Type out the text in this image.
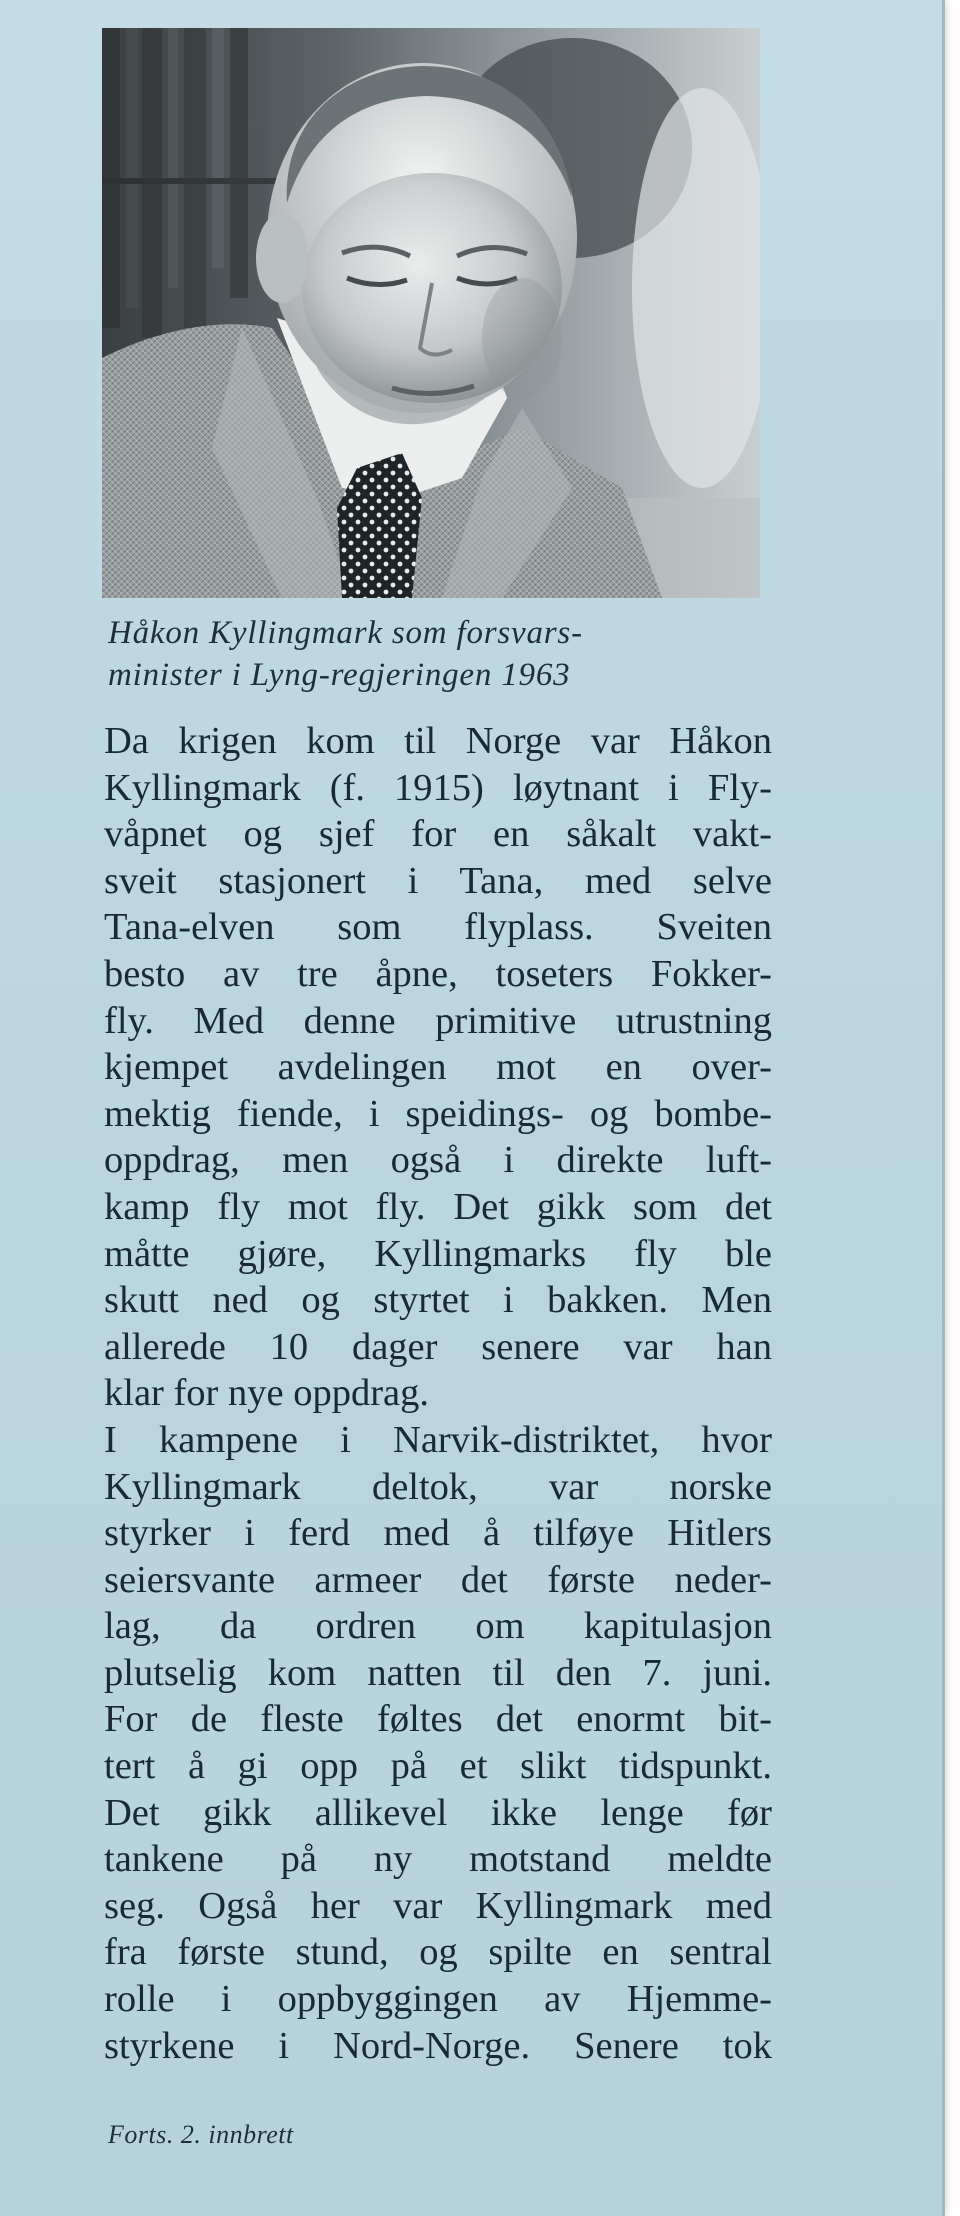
Håkon Kyllingmark som forsvars-
minister i Lyng-regjeringen 1963
Da krigen kom til Norge var Håkon
Kyllingmark (f. 1915) løytnant i Fly-
våpnet og sjef for en såkalt vakt-
sveit stasjonert i Tana, med selve
Tana-elven som flyplass. Sveiten
besto av tre åpne, toseters Fokker-
fly. Med denne primitive utrustning
kjempet avdelingen mot en over-
mektig fiende, i speidings- og bombe-
oppdrag, men også i direkte luft-
kamp fly mot fly. Det gikk som det
måtte gjøre, Kyllingmarks fly ble
skutt ned og styrtet i bakken. Men
allerede 10 dager senere var han
klar for nye oppdrag.
I kampene i Narvik-distriktet, hvor
Kyllingmark deltok, var norske
styrker i ferd med å tilføye Hitlers
seiersvante armeer det første neder-
lag, da ordren om kapitulasjon
plutselig kom natten til den 7. juni.
For de fleste føltes det enormt bit-
tert å gi opp på et slikt tidspunkt.
Det gikk allikevel ikke lenge før
tankene på ny motstand meldte
seg. Også her var Kyllingmark med
fra første stund, og spilte en sentral
rolle i oppbyggingen av Hjemme-
styrkene i Nord-Norge. Senere tok
Forts. 2. innbrett
